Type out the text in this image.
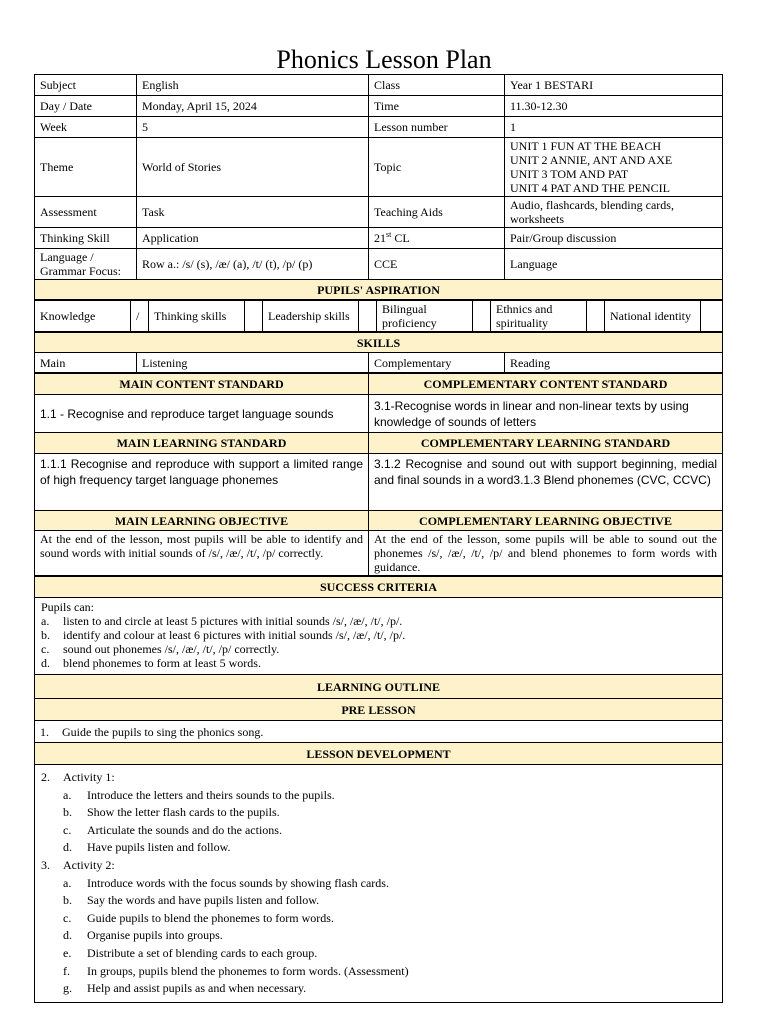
Phonics Lesson Plan
Subject	English	Class	Year 1 BESTARI
Day / Date	Monday, April 15, 2024	Time	11.30-12.30
Week	5	Lesson number	1
Theme	World of Stories	Topic	UNIT 1 FUN AT THE BEACH
UNIT 2 ANNIE, ANT AND AXE
UNIT 3 TOM AND PAT
UNIT 4 PAT AND THE PENCIL

Assessment	Task	Teaching Aids	Audio, flashcards, blending cards, worksheets
Thinking Skill	Application	21st CL	Pair/Group discussion
Language / Grammar Focus:	Row a.: /s/ (s), /æ/ (a), /t/ (t), /p/ (p)	CCE	Language
PUPILS' ASPIRATION			
Knowledge	/	Thinking skills		Leadership skills		Bilingual proficiency		Ethnics and spirituality		National identity	
SKILLS
Main	Listening	Complementary	Reading
MAIN CONTENT STANDARD	COMPLEMENTARY CONTENT STANDARD
1.1 - Recognise and reproduce target language sounds	3.1-Recognise words in linear and non-linear texts by using knowledge of sounds of letters
MAIN LEARNING STANDARD	COMPLEMENTARY LEARNING STANDARD
1.1.1 Recognise and reproduce with support a limited range of high frequency target language phonemes	3.1.2 Recognise and sound out with support beginning, medial and final sounds in a word3.1.3 Blend phonemes (CVC, CCVC)
MAIN LEARNING OBJECTIVE	COMPLEMENTARY LEARNING OBJECTIVE
At the end of the lesson, most pupils will be able to identify and sound words with initial sounds of /s/, /æ/, /t/, /p/ correctly.	At the end of the lesson, some pupils will be able to sound out the phonemes /s/, /æ/, /t/, /p/ and blend phonemes to form words with guidance.
SUCCESS CRITERIA

Pupils can:
a. listen to and circle at least 5 pictures with initial sounds /s/, /æ/, /t/, /p/.
b. identify and colour at least 6 pictures with initial sounds /s/, /æ/, /t/, /p/.
c. sound out phonemes /s/, /æ/, /t/, /p/ correctly.
d. blend phonemes to form at least 5 words.

LEARNING OUTLINE
PRE LESSON

1. Guide the pupils to sing the phonics song.

LESSON DEVELOPMENT

2. Activity 1:
a. Introduce the letters and theirs sounds to the pupils.
b. Show the letter flash cards to the pupils.
c. Articulate the sounds and do the actions.
d. Have pupils listen and follow.
3. Activity 2:
a. Introduce words with the focus sounds by showing flash cards.
b. Say the words and have pupils listen and follow.
c. Guide pupils to blend the phonemes to form words.
d. Organise pupils into groups.
e. Distribute a set of blending cards to each group.
f. In groups, pupils blend the phonemes to form words. (Assessment)
g. Help and assist pupils as and when necessary.
